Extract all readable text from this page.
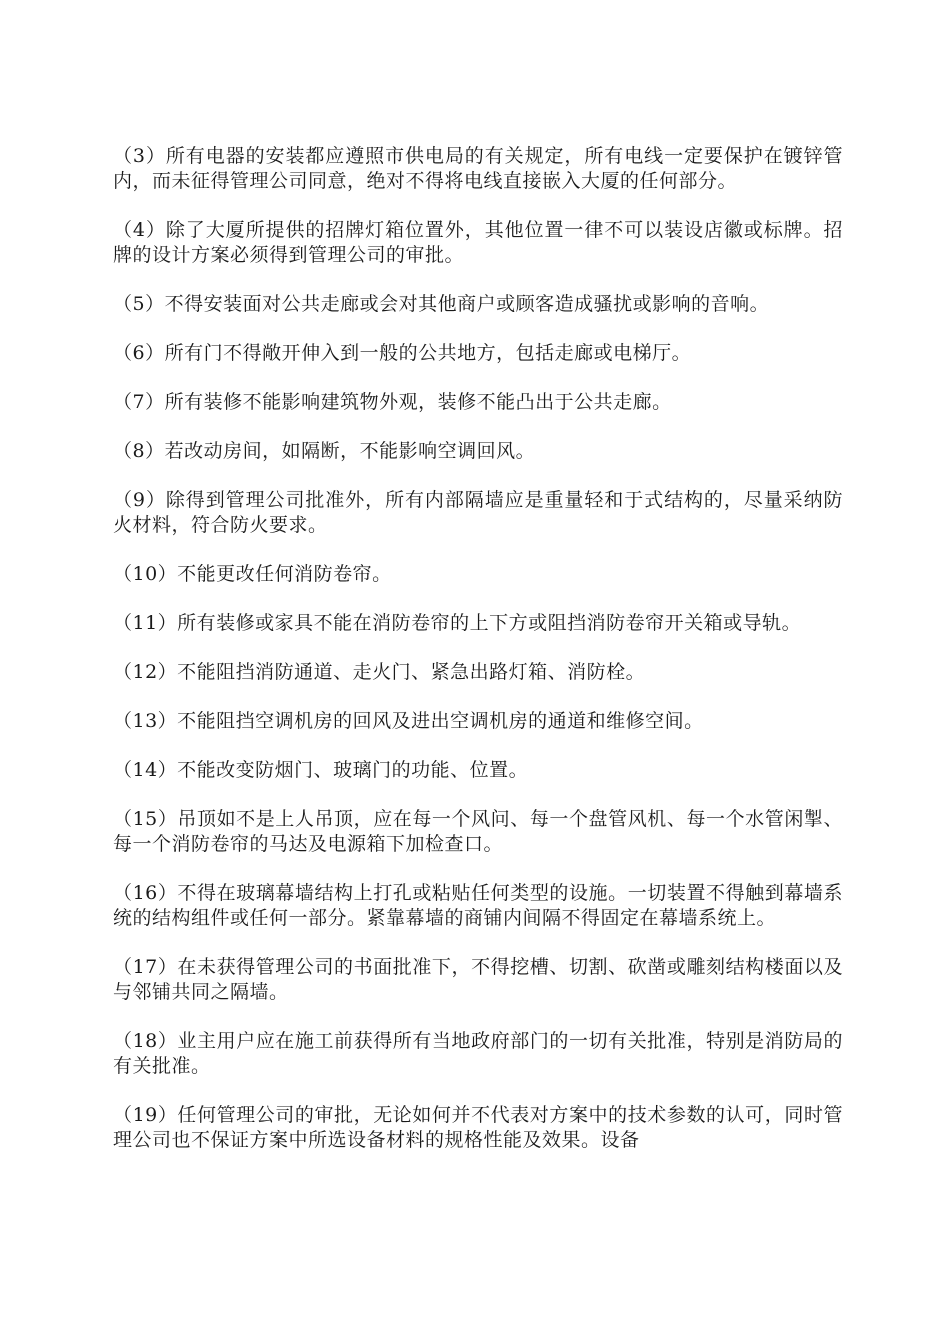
（3）所有电器的安装都应遵照市供电局的有关规定，所有电线一定要保护在镀锌管内，而未征得管理公司同意，绝对不得将电线直接嵌入大厦的任何部分。

（4）除了大厦所提供的招牌灯箱位置外，其他位置一律不可以装设店徽或标牌。招牌的设计方案必须得到管理公司的审批。

（5）不得安装面对公共走廊或会对其他商户或顾客造成骚扰或影响的音响。

（6）所有门不得敞开伸入到一般的公共地方，包括走廊或电梯厅。

（7）所有装修不能影响建筑物外观，装修不能凸出于公共走廊。

（8）若改动房间，如隔断，不能影响空调回风。

（9）除得到管理公司批准外，所有内部隔墙应是重量轻和于式结构的，尽量采纳防火材料，符合防火要求。

（10）不能更改任何消防卷帘。

（11）所有装修或家具不能在消防卷帘的上下方或阻挡消防卷帘开关箱或导轨。

（12）不能阻挡消防通道、走火门、紧急出路灯箱、消防栓。

（13）不能阻挡空调机房的回风及进出空调机房的通道和维修空间。

（14）不能改变防烟门、玻璃门的功能、位置。

（15）吊顶如不是上人吊顶，应在每一个风问、每一个盘管风机、每一个水管闲掣、每一个消防卷帘的马达及电源箱下加检查口。

（16）不得在玻璃幕墙结构上打孔或粘贴任何类型的设施。一切装置不得触到幕墙系统的结构组件或任何一部分。紧靠幕墙的商铺内间隔不得固定在幕墙系统上。

（17）在未获得管理公司的书面批准下，不得挖槽、切割、砍凿或雕刻结构楼面以及与邻铺共同之隔墙。

（18）业主用户应在施工前获得所有当地政府部门的一切有关批准，特别是消防局的有关批准。

（19）任何管理公司的审批，无论如何并不代表对方案中的技术参数的认可，同时管理公司也不保证方案中所选设备材料的规格性能及效果。设备
